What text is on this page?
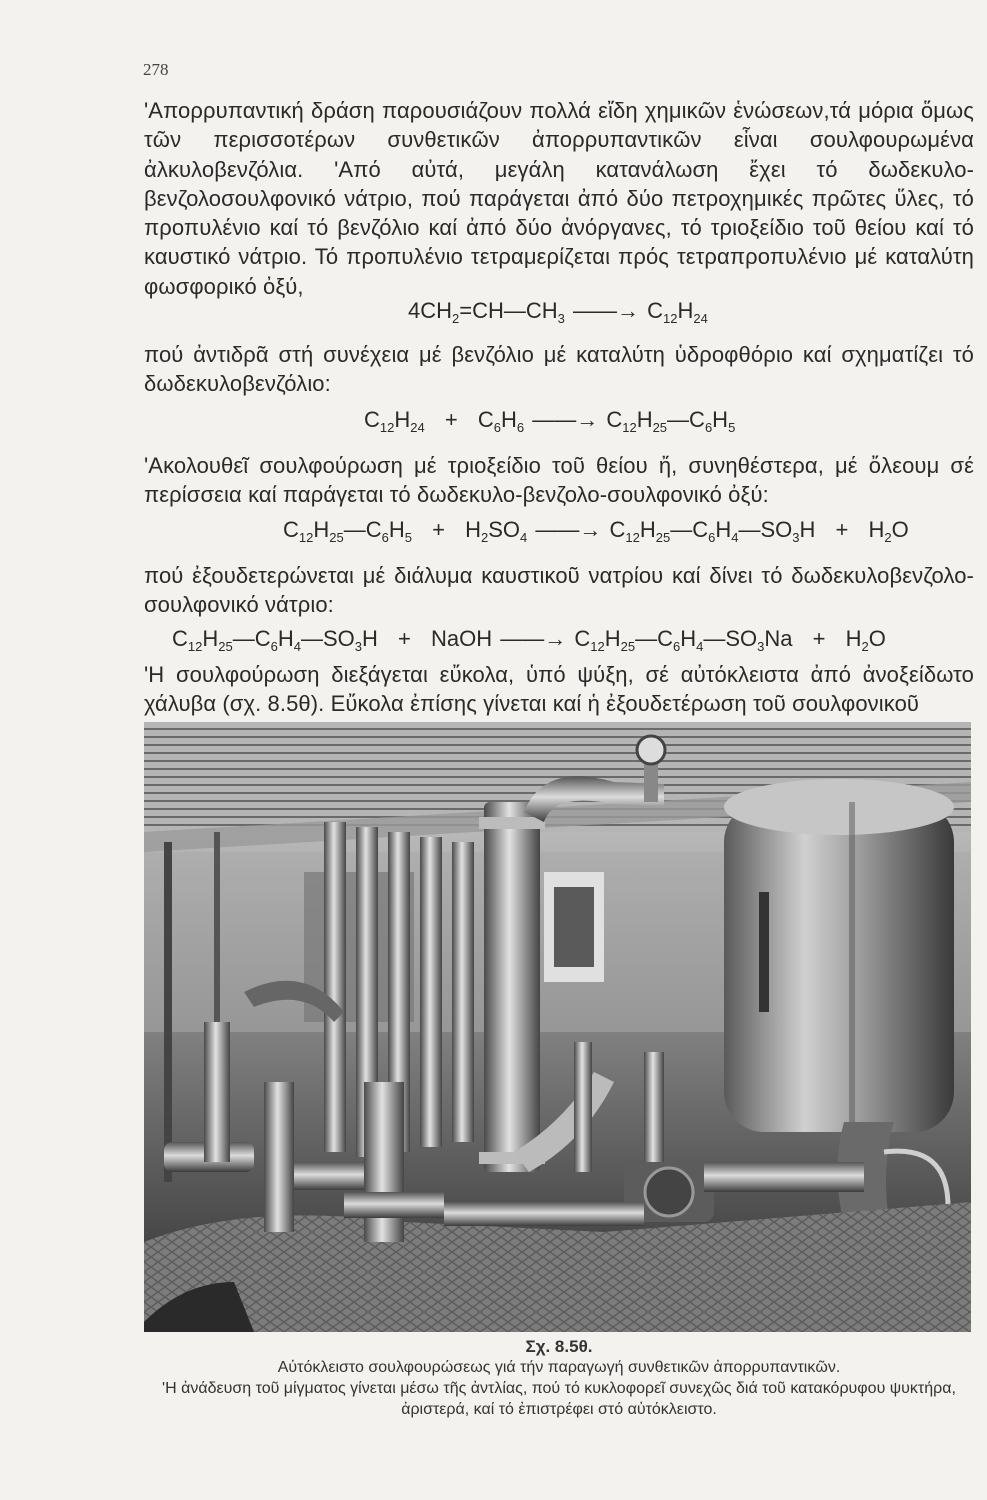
278

'Απορρυπαντική δράση παρουσιάζουν πολλά εἴδη χημικῶν ἑνώσεων,τά μόρια ὅμως τῶν περισσοτέρων συνθετικῶν ἀπορρυπαντικῶν εἶναι σουλφουρωμένα ἀλκυλοβενζόλια. 'Από αὐτά, μεγάλη κατανάλωση ἔχει τό δωδεκυλο-βενζολοσουλφονικό νάτριο, πού παράγεται ἀπό δύο πετροχημικές πρῶτες ὕλες, τό προπυλένιο καί τό βενζόλιο καί ἀπό δύο ἀνόργανες, τό τριοξείδιο τοῦ θείου καί τό καυστικό νάτριο. Τό προπυλένιο τετραμερίζεται πρός τετραπροπυλένιο μέ καταλύτη φωσφορικό ὀξύ,

$4CH_2=CH—CH_3$ ——→ $C_{12}H_{24}$

πού ἀντιδρᾶ στή συνέχεια μέ βενζόλιο μέ καταλύτη ὑδροφθόριο καί σχηματίζει τό δωδεκυλοβενζόλιο:

$C_{12}H_{24} + C_6H_6$ ——→ $C_{12}H_{25}—C_6H_5$

'Ακολουθεῖ σουλφούρωση μέ τριοξείδιο τοῦ θείου ἤ, συνηθέστερα, μέ ὄλεουμ σέ περίσσεια καί παράγεται τό δωδεκυλο-βενζολο-σουλφονικό ὀξύ:

$C_{12}H_{25}—C_6H_5 + H_2SO_4$ ——→ $C_{12}H_{25}—C_6H_4—SO_3H + H_2O$

πού ἐξουδετερώνεται μέ διάλυμα καυστικοῦ νατρίου καί δίνει τό δωδεκυλοβενζολο-σουλφονικό νάτριο:

$C_{12}H_{25}—C_6H_4—SO_3H$ + NaOH ——→ $C_{12}H_{25}—C_6H_4—SO_3Na + H_2O$

'Η σουλφούρωση διεξάγεται εὔκολα, ὑπό ψύξη, σέ αὐτόκλειστα ἀπό ἀνοξείδωτο χάλυβα (σχ. 8.5θ). Εὔκολα ἐπίσης γίνεται καί ἡ ἐξουδετέρωση τοῦ σουλφονικοῦ

Σχ. 8.5θ.
Αὐτόκλειστο σουλφουρώσεως γιά τήν παραγωγή συνθετικῶν ἀπορρυπαντικῶν.
'Η ἀνάδευση τοῦ μίγματος γίνεται μέσω τῆς ἀντλίας, πού τό κυκλοφορεῖ συνεχῶς διά τοῦ κατακόρυφου ψυκτήρα, ἀριστερά, καί τό ἐπιστρέφει στό αὐτόκλειστο.
